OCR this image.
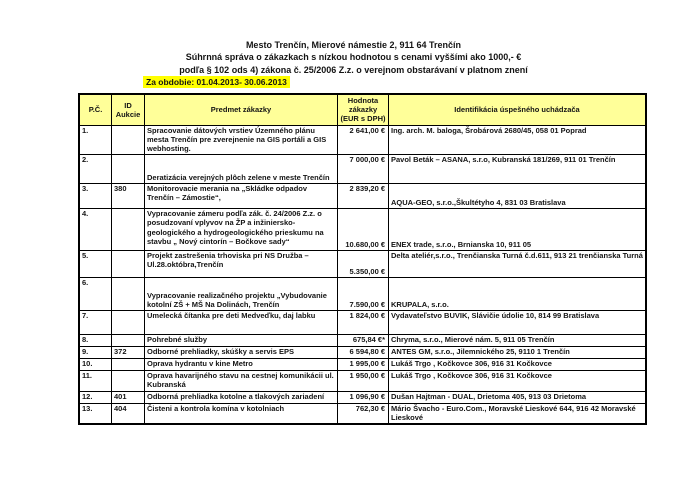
Mesto Trenčín, Mierové námestie 2, 911 64 Trenčín
Súhrnná správa o zákazkach s nízkou hodnotou s cenami vyššími ako 1000,- €
podľa § 102 ods 4) zákona č. 25/2006 Z.z. o verejnom obstarávaní v platnom znení
Za obdobie: 01.04.2013- 30.06.2013
P.Č.	ID Aukcie	Predmet zákazky	Hodnota zákazky (EUR s DPH)	Identifikácia úspešného uchádzača
1.		Spracovanie dátových vrstiev Územného plánu mesta Trenčín pre zverejnenie na GIS portáli a GIS webhosting.	2 641,00 €	Ing. arch. M. baloga, Šrobárová 2680/45, 058 01 Poprad
2.		Deratizácia verejných plôch zelene v meste Trenčín	7 000,00 €	Pavol Beták – ASANA, s.r.o, Kubranská 181/269, 911 01 Trenčín
3.	380	Monitorovacie merania na „Skládke odpadov Trenčín – Zámostie“,	2 839,20 €	AQUA-GEO, s.r.o.,Škultétyho 4, 831 03 Bratislava
4.		Vypracovanie zámeru podľa zák. č. 24/2006 Z.z. o posudzovaní vplyvov na ŽP a inžiniersko-geologického a hydrogeologického prieskumu na stavbu „ Nový cintorín – Bočkove sady“	10.680,00 €	ENEX trade, s.r.o., Brnianska 10, 911 05
5.		Projekt zastrešenia trhoviska pri NS Družba – Ul.28.októbra,Trenčín	5.350,00 €	Delta ateliér,s.r.o., Trenčianska Turná č.d.611, 913 21 trenčianska Turná
6.		Vypracovanie realizačného projektu „Vybudovanie kotolní ZŠ + MŠ Na Dolinách, Trenčín	7.590,00 €	KRUPALA, s.r.o.
7.		Umelecká čítanka pre deti Medveďku, daj labku	1 824,00 €	Vydavateľstvo BUVIK, Slávičie údolie 10, 814 99 Bratislava
8.		Pohrebné služby	675,84 €*	Chryma, s.r.o., Mierové nám. 5, 911 05 Trenčín
9.	372	Odborné prehliadky, skúšky a servis EPS	6 594,80 €	ANTES GM, s.r.o., Jilemnického 25, 9110 1 Trenčín
10.		Oprava hydrantu v kine Metro	1 995,00 €	Lukáš Trgo , Kočkovce 306, 916 31 Kočkovce
11.		Oprava havarijného stavu na cestnej komunikácii ul. Kubranská	1 950,00 €	Lukáš Trgo , Kočkovce 306, 916 31 Kočkovce
12.	401	Odborná prehliadka kotolne a tlakových zariadení	1 096,90 €	Dušan Hajtman - DUAL, Drietoma 405, 913 03 Drietoma
13.	404	Čisteni a kontrola komína v kotolniach	762,30 €	Mário Švacho - Euro.Com., Moravské Lieskové 644, 916 42 Moravské Lieskové
